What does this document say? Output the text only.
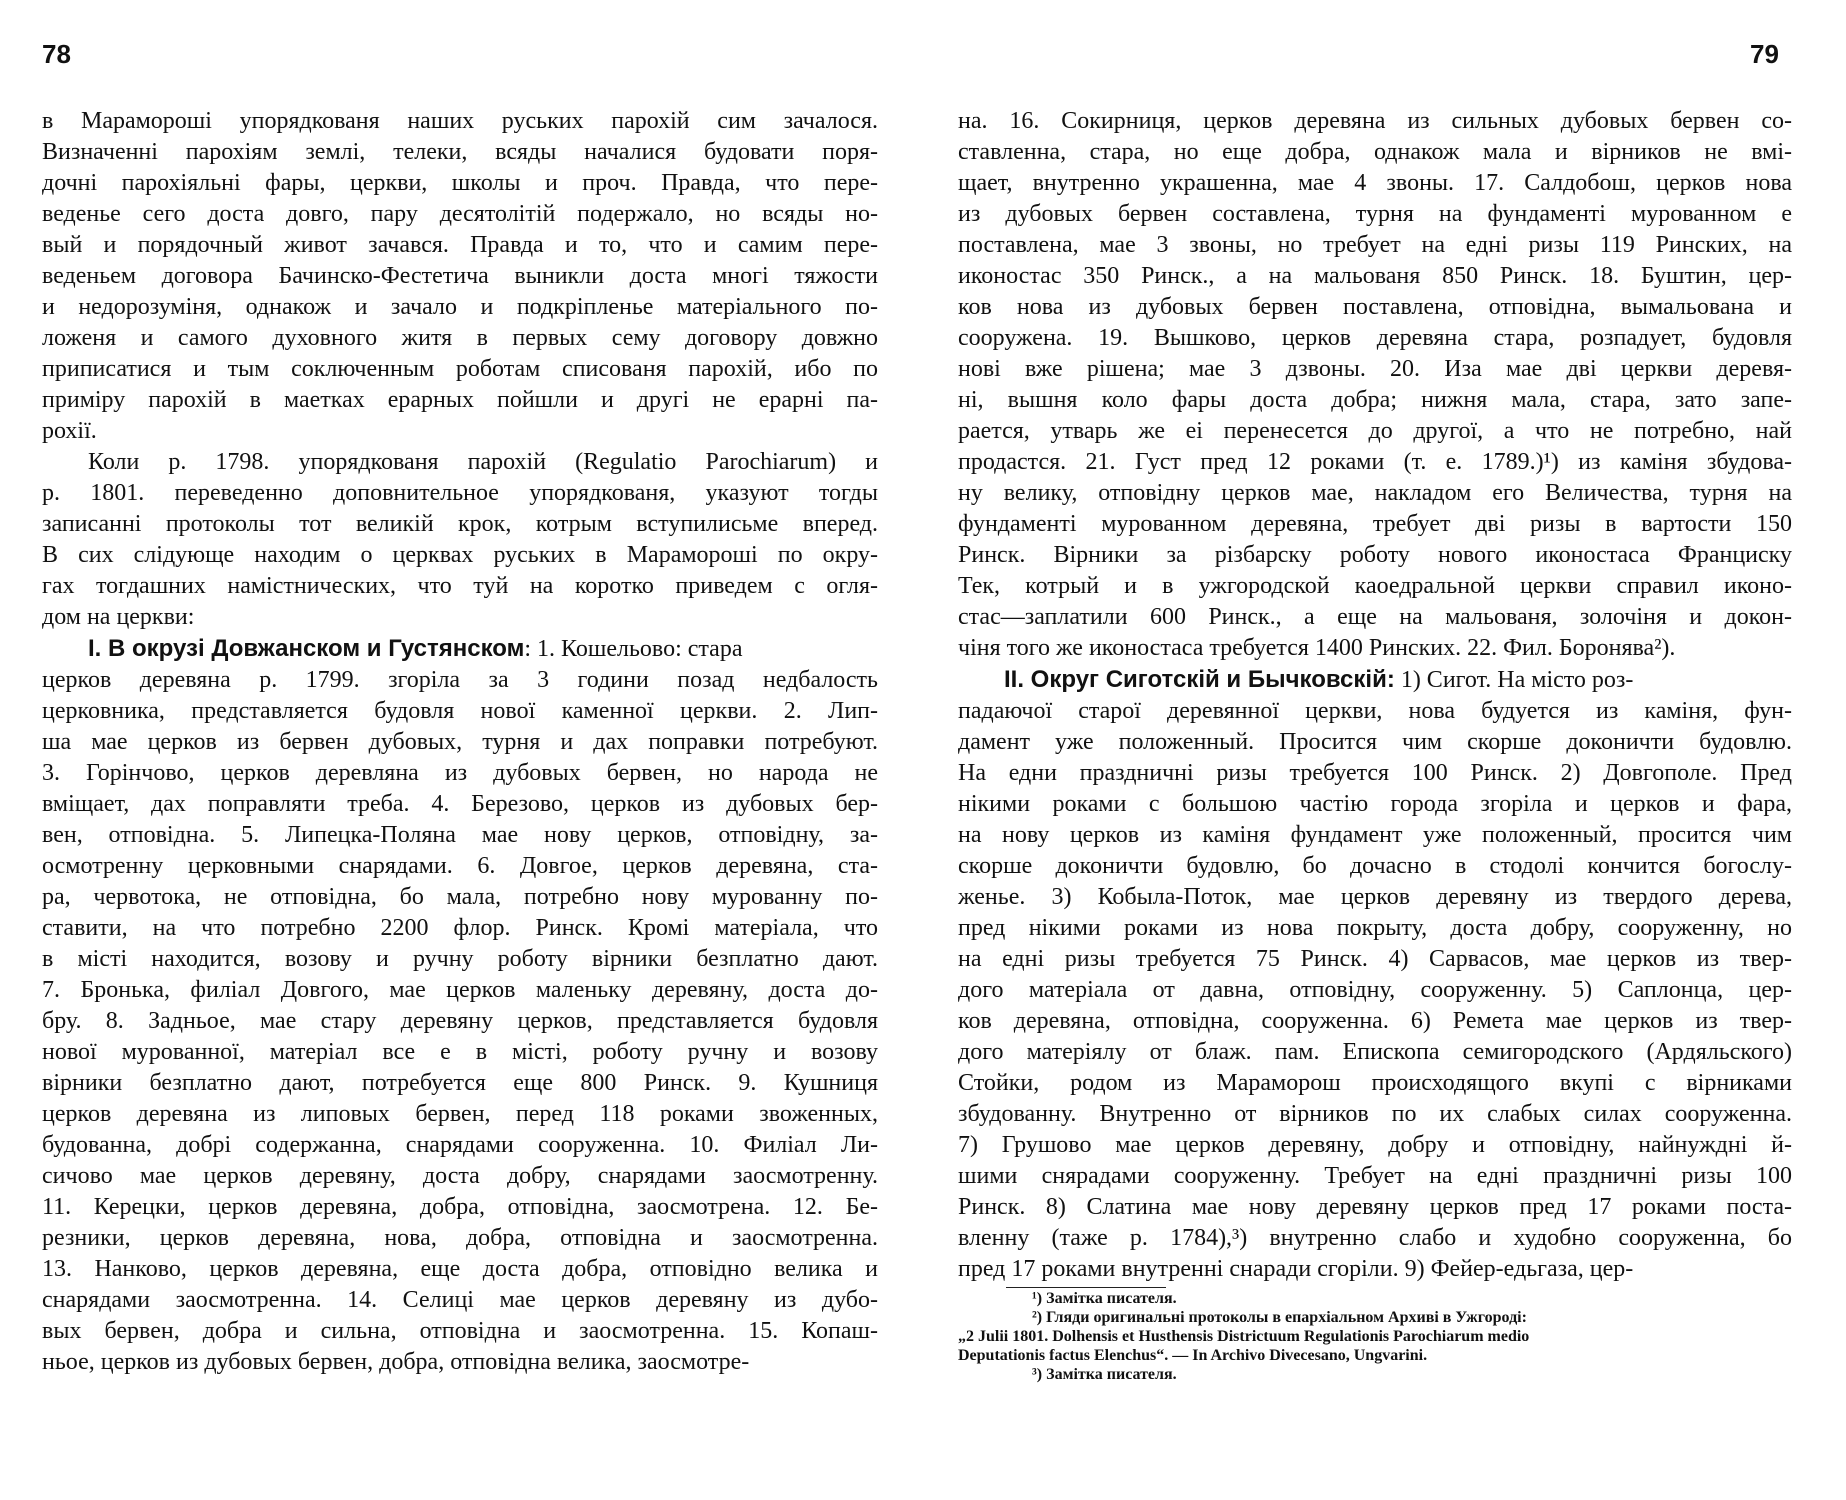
78	79
в Марамороші упорядкованя наших руських парохій сим зачалося.
Визначенні парохіям землі, телеки, всяды началися будовати поря-
дочні парохіяльні фары, церкви, школы и проч. Правда, что пере-
веденье сего доста довго, пару десятолітій подержало, но всяды но-
вый и порядочный живот зачався. Правда и то, что и самим пере-
веденьем договора Бачинско-Фестетича выникли доста многі тяжости
и недорозуміня, однакож и зачало и подкріпленье матеріального по-
ложеня и самого духовного житя в первых сему договору довжно
приписатися и тым соключенным роботам списованя парохій, ибо по
приміру парохій в маетках ерарных пойшли и другі не ерарні па-
рохії.
Коли р. 1798. упорядкованя парохій (Regulatio Parochiarum) и
р. 1801. переведенно доповнительное упорядкованя, указуют тогды
записанні протоколы тот великій крок, котрым вступилисьме вперед.
В сих слідующе находим о церквах руських в Марамороші по окру-
гах тогдашних наміcтнических, что туй на коротко приведем с огля-
дом на церкви:
I. В окрузі Довжанском и Густянском: 1. Кошельово: стара
церков деревяна р. 1799. згоріла за 3 години позад недбалость
церковника, представляется будовля нової каменної церкви. 2. Лип-
ша мае церков из бервен дубовых, турня и дах поправки потребуют.
3. Горінчово, церков деревляна из дубовых бервен, но народа не
вміщает, дах поправляти треба. 4. Березово, церков из дубовых бер-
вен, отповідна. 5. Липецка-Поляна мае нову церков, отповідну, за-
осмотренну церковными снарядами. 6. Довгое, церков деревяна, ста-
ра, червотока, не отповідна, бо мала, потребно нову мурованну по-
ставити, на что потребно 2200 флор. Ринск. Кромі матеріала, что
в місті находится, возову и ручну роботу вірники безплатно дают.
7. Бронька, филіал Довгого, мае церков маленьку деревяну, доста до-
бру. 8. Задньое, мае стару деревяну церков, представляется будовля
нової мурованної, матеріал все е в місті, роботу ручну и возову
вірники безплатно дают, потребуется еще 800 Ринск. 9. Кушниця
церков деревяна из липовых бервен, перед 118 роками звоженных,
будованна, добрі содержанна, снарядами сооруженна. 10. Филіал Ли-
сичово мае церков деревяну, доста добру, снарядами заосмотренну.
11. Керецки, церков деревяна, добра, отповідна, заосмотрена. 12. Бе-
резники, церков деревяна, нова, добра, отповідна и заосмотренна.
13. Нанково, церков деревяна, еще доста добра, отповідно велика и
снарядами заосмотренна. 14. Селиці мае церков деревяну из дубо-
вых бервен, добра и сильна, отповідна и заосмотренна. 15. Копаш-
ньое, церков из дубовых бервен, добра, отповідна велика, заосмотре-
на. 16. Сокирниця, церков деревяна из сильных дубовых бервен со-
ставленна, стара, но еще добра, однакож мала и вірников не вмі-
щает, внутренно украшенна, мае 4 звоны. 17. Салдобош, церков нова
из дубовых бервен составлена, турня на фундаменті мурованном е
поставлена, мае 3 звоны, но требует на едні ризы 119 Ринских, на
иконостас 350 Ринск., а на мальованя 850 Ринск. 18. Буштин, цер-
ков нова из дубовых бервен поставлена, отповідна, вымальована и
сооружена. 19. Вышково, церков деревяна стара, розпадует, будовля
нові вже рішена; мае 3 дзвоны. 20. Иза мае дві церкви деревя-
ні, вышня коло фары доста добра; нижня мала, стара, зато запе-
рается, утварь же еі перенесется до другої, а что не потребно, най
продастся. 21. Густ пред 12 роками (т. е. 1789.)¹) из каміня збудова-
ну велику, отповідну церков мае, накладом его Величества, турня на
фундаменті мурованном деревяна, требует дві ризы в вартости 150
Ринск. Вірники за різбарску роботу нового иконостаса Франциску
Тек, котрый и в ужгородской каоедральной церкви справил иконо-
стас—заплатили 600 Ринск., а еще на мальованя, золочіня и докон-
чіня того же иконостаса требуется 1400 Ринских. 22. Фил. Боронява²).
II. Округ Сиготскій и Бычковскій: 1) Сигот. На місто роз-
падаючої старої деревянної церкви, нова будуется из каміня, фун-
дамент уже положенный. Просится чим скорше доконичти будовлю.
На едни праздничні ризы требуется 100 Ринск. 2) Довгополе. Пред
нікими роками с большою частію города згоріла и церков и фара,
на нову церков из каміня фундамент уже положенный, просится чим
скорше доконичти будовлю, бо дочасно в стодолі кончится богослу-
женье. 3) Кобыла-Поток, мае церков деревяну из твердого дерева,
пред нікими роками из нова покрыту, доста добру, сооруженну, но
на едні ризы требуется 75 Ринск. 4) Сарвасов, мае церков из твер-
дого матеріала от давна, отповідну, сооруженну. 5) Саплонца, цер-
ков деревяна, отповідна, сооруженна. 6) Ремета мае церков из твер-
дого матеріялу от блаж. пам. Епископа семигородского (Ардяльского)
Стойки, родом из Мараморош происходящого вкупі с вірниками
збудованну. Внутренно от вірников по их слабых силах сооруженна.
7) Грушово мае церков деревяну, добру и отповідну, найнуждні й-
шими снярадами сооруженну. Требует на едні праздничні ризы 100
Ринск. 8) Слатина мае нову деревяну церков пред 17 роками поста-
вленну (таже р. 1784),³) внутренно слабо и худобно сооруженна, бо
пред 17 роками внутренні снаради сгоріли. 9) Фейер-едьгаза, цер-

¹) Замітка писателя.

²) Гляди оригинальні протоколы в епархіальном Архиві в Ужгороді:

„2 Julii 1801. Dolhensis et Husthensis Districtuum Regulationis Parochiarum medio

Deputationis factus Elenchus“. — In Archivo Divecesano, Ungvarini.

³) Замітка писателя.
